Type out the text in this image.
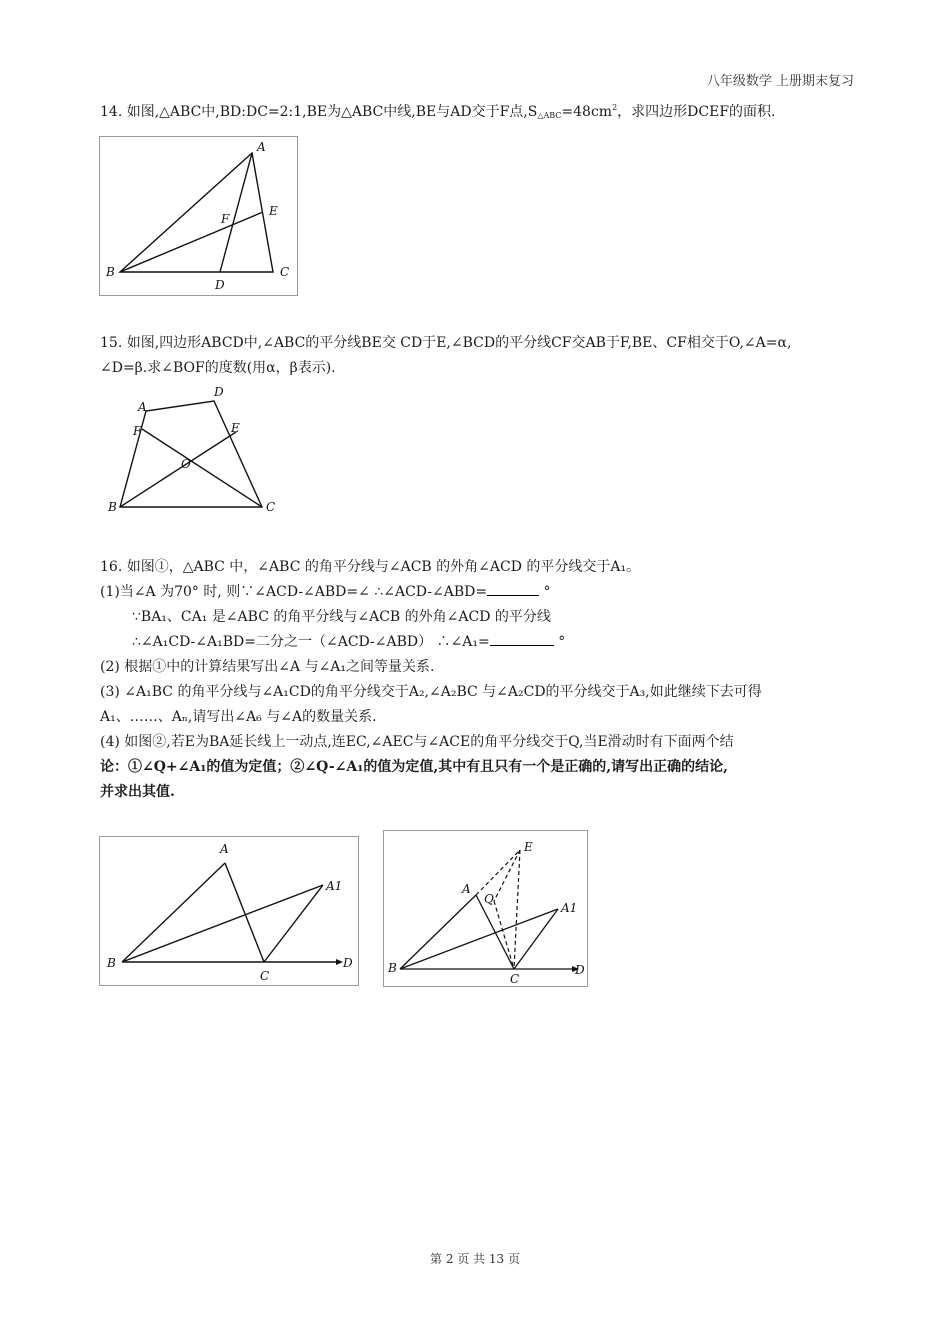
八年级数学 上册期末复习
14. 如图,△ABC中,BD:DC=2:1,BE为△ABC中线,BE与AD交于F点$,S_{\triangle ABC}=48cm^2$，求四边形DCEF的面积.
A
B	C
D
E
F
15. 如图,四边形ABCD中,∠ABC的平分线BE交 CD于E,∠BCD的平分线CF交AB于F,BE、CF相交于O,∠A=α,
∠D=β.求∠BOF的度数(用α，β表示).
A
B	C
D
E
F
O
16. 如图①，△ABC 中，∠ABC 的角平分线与∠ACB 的外角∠ACD 的平分线交于A₁。
(1)当∠A 为70° 时, 则∵∠ACD-∠ABD=∠ ∴∠ACD-∠ABD=	°
∵BA₁、CA₁ 是∠ABC 的角平分线与∠ACB 的外角∠ACD 的平分线
∴∠A₁CD-∠A₁BD=二分之一（∠ACD-∠ABD） ∴∠A₁=	°
(2) 根据①中的计算结果写出∠A 与∠A₁之间等量关系.
(3) ∠A₁BC 的角平分线与∠A₁CD的角平分线交于A₂,∠A₂BC 与∠A₂CD的平分线交于A₃,如此继续下去可得
A₁、……、Aₙ,请写出∠A₆ 与∠A的数量关系.
(4) 如图②,若E为BA延长线上一动点,连EC,∠AEC与∠ACE的角平分线交于Q,当E滑动时有下面两个结
论：①∠Q+∠A₁的值为定值；②∠Q-∠A₁的值为定值,其中有且只有一个是正确的,请写出正确的结论,
并求出其值.
A
A1
B
C
D
A
A1
B
C
D
E
Q
第 2 页 共 13 页
